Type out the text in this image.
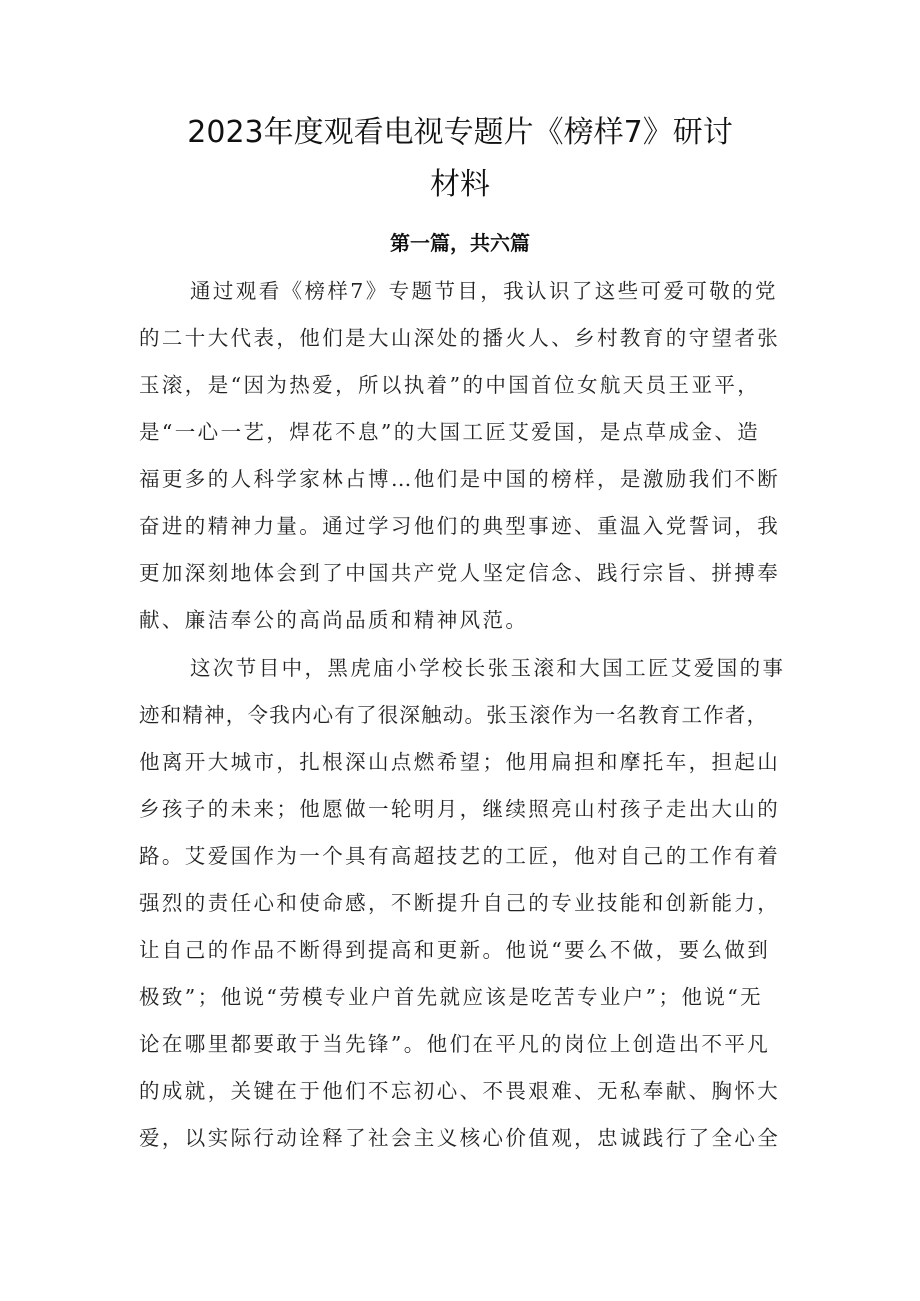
2023年度观看电视专题片《榜样7》研讨
材料
第一篇，共六篇
通过观看《榜样7》专题节目，我认识了这些可爱可敬的党
的二十大代表，他们是大山深处的播火人、乡村教育的守望者张
玉滚，是“因为热爱，所以执着”的中国首位女航天员王亚平，
是“一心一艺，焊花不息”的大国工匠艾爱国，是点草成金、造
福更多的人科学家林占博…他们是中国的榜样，是激励我们不断
奋进的精神力量。通过学习他们的典型事迹、重温入党誓词，我
更加深刻地体会到了中国共产党人坚定信念、践行宗旨、拼搏奉
献、廉洁奉公的高尚品质和精神风范。
这次节目中，黑虎庙小学校长张玉滚和大国工匠艾爱国的事
迹和精神，令我内心有了很深触动。张玉滚作为一名教育工作者，
他离开大城市，扎根深山点燃希望；他用扁担和摩托车，担起山
乡孩子的未来；他愿做一轮明月，继续照亮山村孩子走出大山的
路。艾爱国作为一个具有高超技艺的工匠，他对自己的工作有着
强烈的责任心和使命感，不断提升自己的专业技能和创新能力，
让自己的作品不断得到提高和更新。他说“要么不做，要么做到
极致”；他说“劳模专业户首先就应该是吃苦专业户”；他说“无
论在哪里都要敢于当先锋”。他们在平凡的岗位上创造出不平凡
的成就，关键在于他们不忘初心、不畏艰难、无私奉献、胸怀大
爱，以实际行动诠释了社会主义核心价值观，忠诚践行了全心全
